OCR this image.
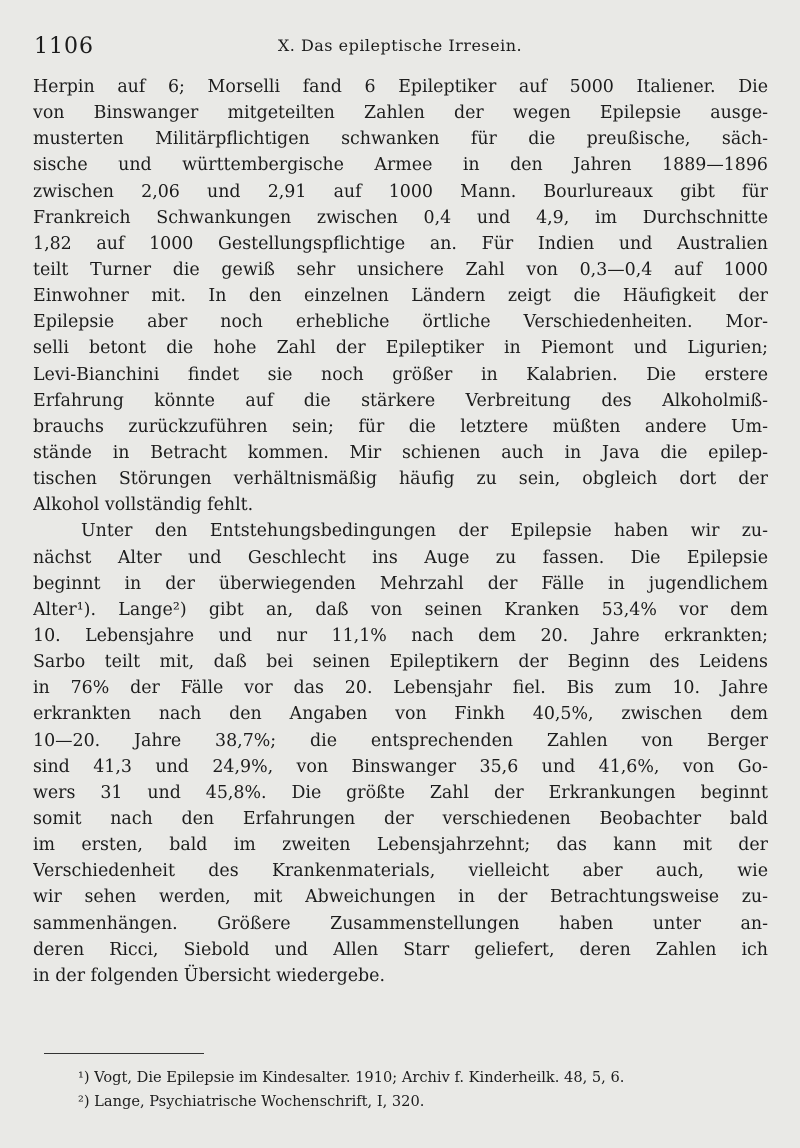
1106	X. Das epileptische Irresein.
Herpin auf 6; Morselli fand 6 Epileptiker auf 5000 Italiener. Die
von Binswanger mitgeteilten Zahlen der wegen Epilepsie ausge-
musterten Militärpflichtigen schwanken für die preußische, säch-
sische und württembergische Armee in den Jahren 1889—1896
zwischen 2,06 und 2,91 auf 1000 Mann. Bourlureaux gibt für
Frankreich Schwankungen zwischen 0,4 und 4,9, im Durchschnitte
1,82 auf 1000 Gestellungspflichtige an. Für Indien und Australien
teilt Turner die gewiß sehr unsichere Zahl von 0,3—0,4 auf 1000
Einwohner mit. In den einzelnen Ländern zeigt die Häufigkeit der
Epilepsie aber noch erhebliche örtliche Verschiedenheiten. Mor-
selli betont die hohe Zahl der Epileptiker in Piemont und Ligurien;
Levi-Bianchini findet sie noch größer in Kalabrien. Die erstere
Erfahrung könnte auf die stärkere Verbreitung des Alkoholmiß-
brauchs zurückzuführen sein; für die letztere müßten andere Um-
stände in Betracht kommen. Mir schienen auch in Java die epilep-
tischen Störungen verhältnismäßig häufig zu sein, obgleich dort der
Alkohol vollständig fehlt.
Unter den Entstehungsbedingungen der Epilepsie haben wir zu-
nächst Alter und Geschlecht ins Auge zu fassen. Die Epilepsie
beginnt in der überwiegenden Mehrzahl der Fälle in jugendlichem
Alter¹). Lange²) gibt an, daß von seinen Kranken 53,4% vor dem
10. Lebensjahre und nur 11,1% nach dem 20. Jahre erkrankten;
Sarbo teilt mit, daß bei seinen Epileptikern der Beginn des Leidens
in 76% der Fälle vor das 20. Lebensjahr fiel. Bis zum 10. Jahre
erkrankten nach den Angaben von Finkh 40,5%, zwischen dem
10—20. Jahre 38,7%; die entsprechenden Zahlen von Berger
sind 41,3 und 24,9%, von Binswanger 35,6 und 41,6%, von Go-
wers 31 und 45,8%. Die größte Zahl der Erkrankungen beginnt
somit nach den Erfahrungen der verschiedenen Beobachter bald
im ersten, bald im zweiten Lebensjahrzehnt; das kann mit der
Verschiedenheit des Krankenmaterials, vielleicht aber auch, wie
wir sehen werden, mit Abweichungen in der Betrachtungsweise zu-
sammenhängen. Größere Zusammenstellungen haben unter an-
deren Ricci, Siebold und Allen Starr geliefert, deren Zahlen ich
in der folgenden Übersicht wiedergebe.
¹) Vogt, Die Epilepsie im Kindesalter. 1910; Archiv f. Kinderheilk. 48, 5, 6.
²) Lange, Psychiatrische Wochenschrift, I, 320.
